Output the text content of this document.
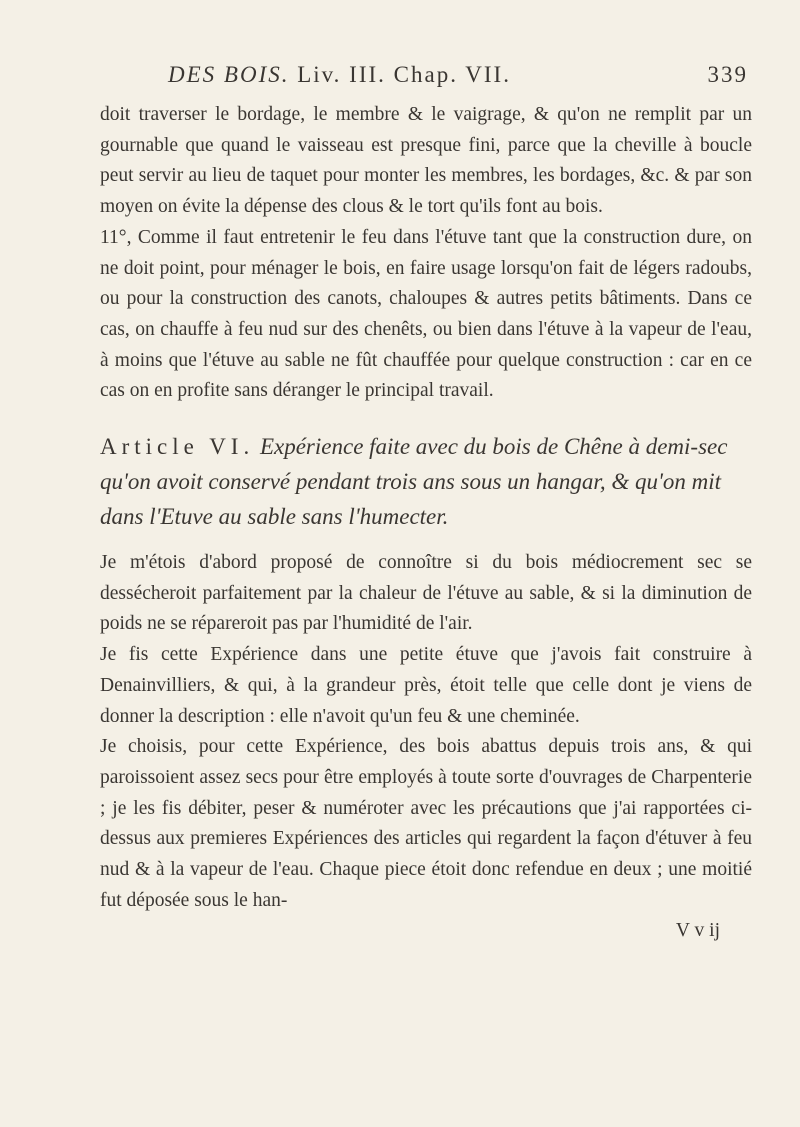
DES BOIS. Liv. III. Chap. VII.	339

doit traverser le bordage, le membre & le vaigrage, & qu'on ne remplit par un gournable que quand le vaisseau est presque fini, parce que la cheville à boucle peut servir au lieu de taquet pour monter les membres, les bordages, &c. & par son moyen on évite la dépense des clous & le tort qu'ils font au bois.

11°, Comme il faut entretenir le feu dans l'étuve tant que la construction dure, on ne doit point, pour ménager le bois, en faire usage lorsqu'on fait de légers radoubs, ou pour la construction des canots, chaloupes & autres petits bâtiments. Dans ce cas, on chauffe à feu nud sur des chenêts, ou bien dans l'étuve à la vapeur de l'eau, à moins que l'étuve au sable ne fût chauffée pour quelque construction : car en ce cas on en profite sans déranger le principal travail.

Article VI. Expérience faite avec du bois de Chêne à demi-sec qu'on avoit conservé pendant trois ans sous un hangar, & qu'on mit dans l'Etuve au sable sans l'humecter.

Je m'étois d'abord proposé de connoître si du bois médiocrement sec se dessécheroit parfaitement par la chaleur de l'étuve au sable, & si la diminution de poids ne se répareroit pas par l'humidité de l'air.

Je fis cette Expérience dans une petite étuve que j'avois fait construire à Denainvilliers, & qui, à la grandeur près, étoit telle que celle dont je viens de donner la description : elle n'avoit qu'un feu & une cheminée.

Je choisis, pour cette Expérience, des bois abattus depuis trois ans, & qui paroissoient assez secs pour être employés à toute sorte d'ouvrages de Charpenterie ; je les fis débiter, peser & numéroter avec les précautions que j'ai rapportées ci-dessus aux premieres Expériences des articles qui regardent la façon d'étuver à feu nud & à la vapeur de l'eau. Chaque piece étoit donc refendue en deux ; une moitié fut déposée sous le han-

V v ij
